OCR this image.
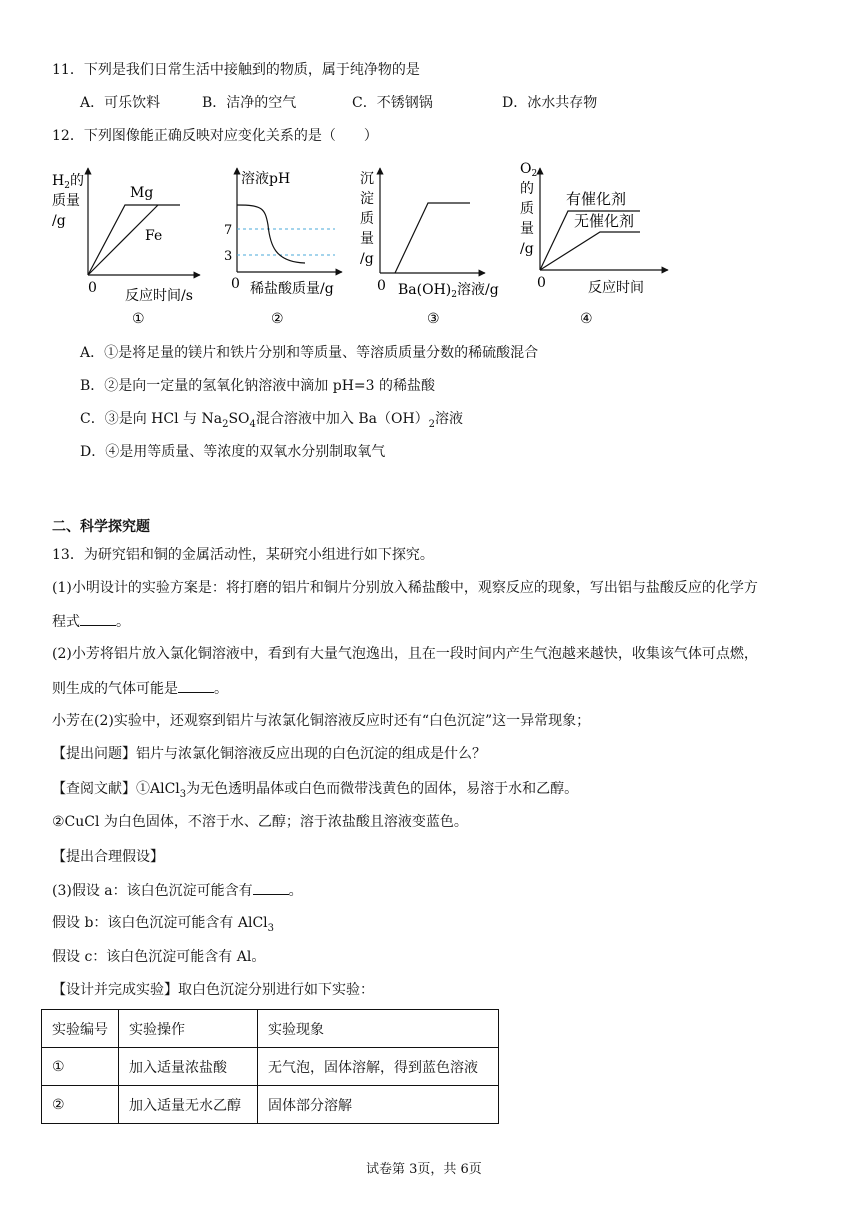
11．下列是我们日常生活中接触到的物质，属于纯净物的是
A．可乐饮料	B．洁净的空气	C．不锈钢锅	D．冰水共存物
12．下列图像能正确反映对应变化关系的是（　　）
$H_2$的
质量
/g
Mg
Fe
0 反应时间/s
①
溶液pH
7
3
0 稀盐酸质量/g
②
沉
淀
质
量
/g
0 $Ba(OH)_2$溶液/g
③
$O_2$
的
质
量
/g
有催化剂
无催化剂
0	反应时间
④
A．①是将足量的镁片和铁片分别和等质量、等溶质质量分数的稀硫酸混合
B．②是向一定量的氢氧化钠溶液中滴加 pH=3 的稀盐酸
C．③是向 HCl 与 $Na_2SO_4$混合溶液中加入 $Ba(OH)_2$溶液
D．④是用等质量、等浓度的双氧水分别制取氧气
二、科学探究题
13．为研究铝和铜的金属活动性，某研究小组进行如下探究。
(1)小明设计的实验方案是：将打磨的铝片和铜片分别放入稀盐酸中，观察反应的现象，写出铝与盐酸反应的化学方
程式	。
(2)小芳将铝片放入氯化铜溶液中，看到有大量气泡逸出，且在一段时间内产生气泡越来越快，收集该气体可点燃，
则生成的气体可能是	。
小芳在(2)实验中，还观察到铝片与浓氯化铜溶液反应时还有“白色沉淀”这一异常现象；
【提出问题】铝片与浓氯化铜溶液反应出现的白色沉淀的组成是什么？
【查阅文献】①AlCl$_3$为无色透明晶体或白色而微带浅黄色的固体，易溶于水和乙醇。
②CuCl 为白色固体，不溶于水、乙醇；溶于浓盐酸且溶液变蓝色。
【提出合理假设】
(3)假设 a：该白色沉淀可能含有	。
假设 b：该白色沉淀可能含有 AlCl$_3$
假设 c：该白色沉淀可能含有 Al。
【设计并完成实验】取白色沉淀分别进行如下实验：
实验编号	实验操作	实验现象
①	加入适量浓盐酸	无气泡，固体溶解，得到蓝色溶液
②	加入适量无水乙醇	固体部分溶解
试卷第 3页，共 6页
